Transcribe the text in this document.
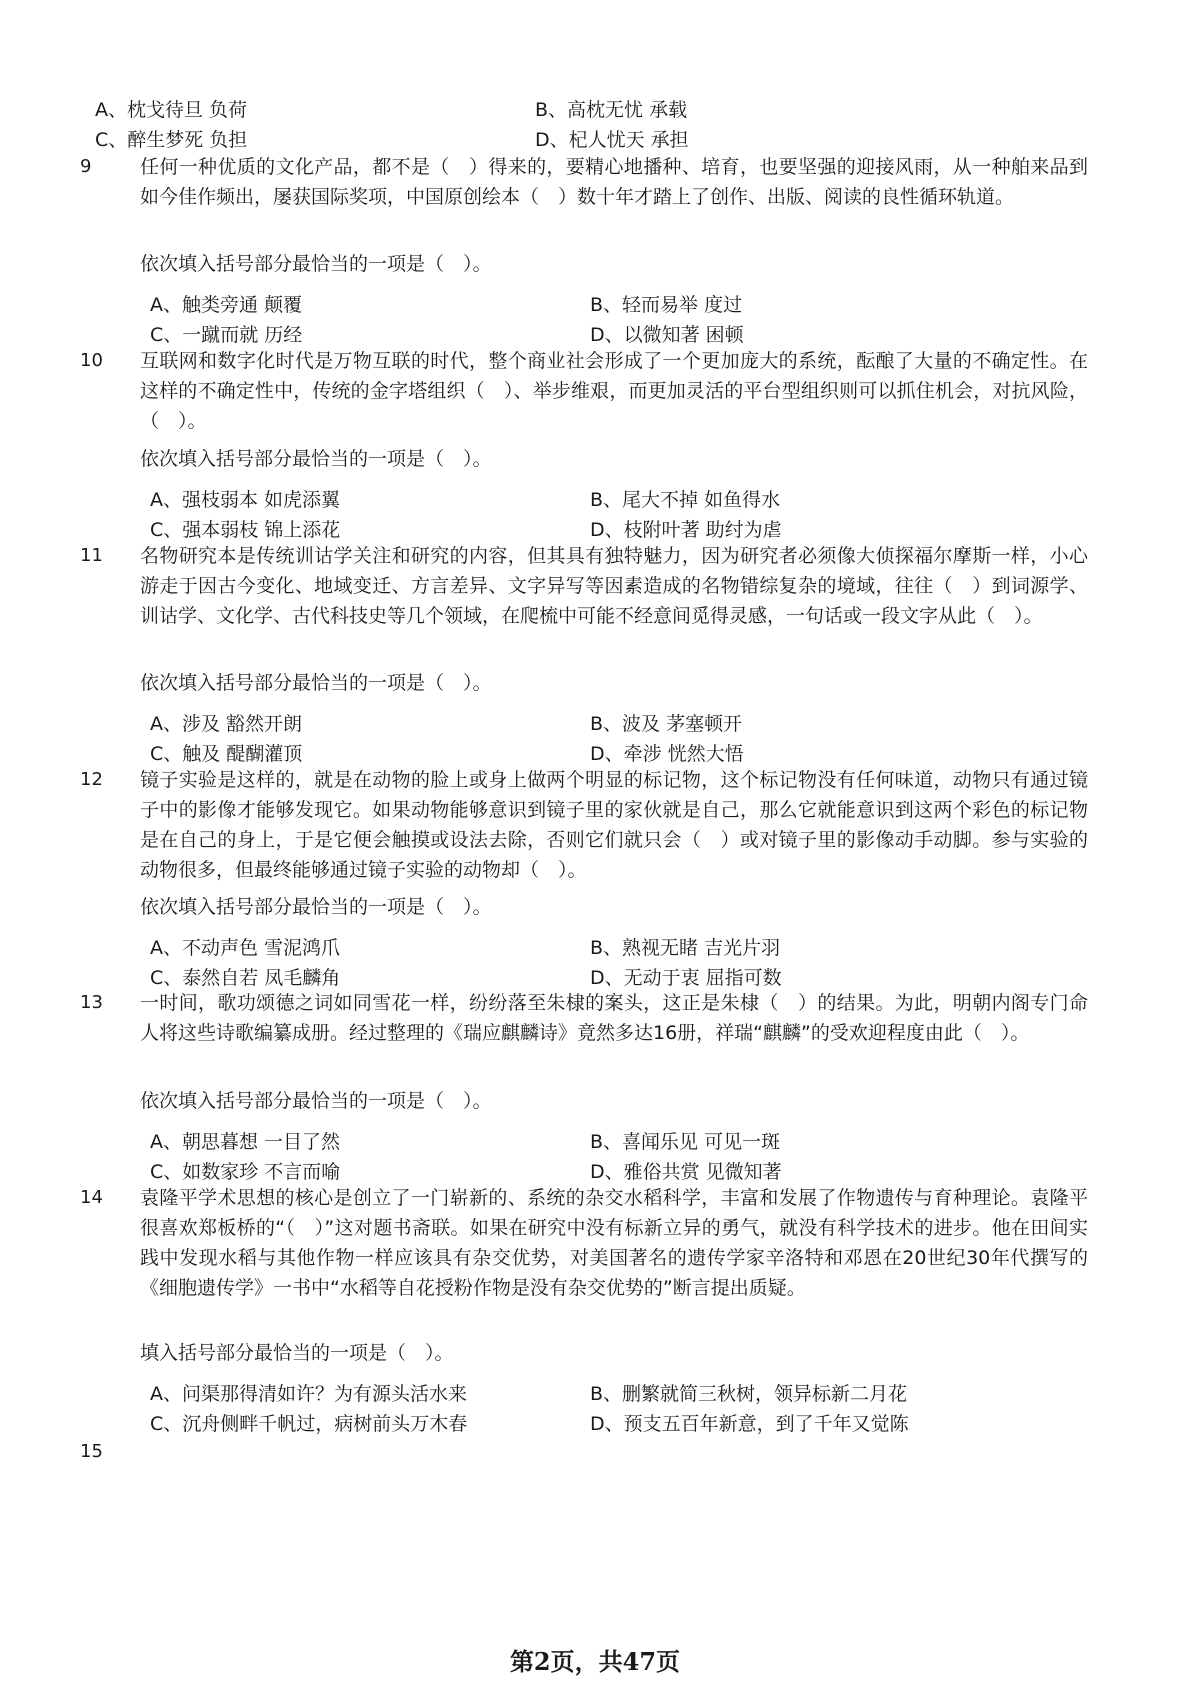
A、枕戈待旦 负荷	B、高枕无忧 承载
C、醉生梦死 负担	D、杞人忧天 承担
9	任何一种优质的文化产品，都不是（　）得来的，要精心地播种、培育，也要坚强的迎接风雨，从一种舶来品到如今佳作频出，屡获国际奖项，中国原创绘本（　）数十年才踏上了创作、出版、阅读的良性循环轨道。
依次填入括号部分最恰当的一项是（　）。
A、触类旁通 颠覆	B、轻而易举 度过
C、一蹴而就 历经	D、以微知著 困顿
10 互联网和数字化时代是万物互联的时代，整个商业社会形成了一个更加庞大的系统，酝酿了大量的不确定性。在这样的不确定性中，传统的金字塔组织（　）、举步维艰，而更加灵活的平台型组织则可以抓住机会，对抗风险，（　）。
依次填入括号部分最恰当的一项是（　）。
A、强枝弱本 如虎添翼	B、尾大不掉 如鱼得水
C、强本弱枝 锦上添花	D、枝附叶著 助纣为虐
11 名物研究本是传统训诂学关注和研究的内容，但其具有独特魅力，因为研究者必须像大侦探福尔摩斯一样，小心游走于因古今变化、地域变迁、方言差异、文字异写等因素造成的名物错综复杂的境域，往往（　）到词源学、训诂学、文化学、古代科技史等几个领域，在爬梳中可能不经意间觅得灵感，一句话或一段文字从此（　）。
依次填入括号部分最恰当的一项是（　）。
A、涉及 豁然开朗	B、波及 茅塞顿开
C、触及 醍醐灌顶	D、牵涉 恍然大悟
12 镜子实验是这样的，就是在动物的脸上或身上做两个明显的标记物，这个标记物没有任何味道，动物只有通过镜子中的影像才能够发现它。如果动物能够意识到镜子里的家伙就是自己，那么它就能意识到这两个彩色的标记物是在自己的身上，于是它便会触摸或设法去除，否则它们就只会（　）或对镜子里的影像动手动脚。参与实验的动物很多，但最终能够通过镜子实验的动物却（　）。
依次填入括号部分最恰当的一项是（　）。
A、不动声色 雪泥鸿爪	B、熟视无睹 吉光片羽
C、泰然自若 凤毛麟角	D、无动于衷 屈指可数
13 一时间，歌功颂德之词如同雪花一样，纷纷落至朱棣的案头，这正是朱棣（　）的结果。为此，明朝内阁专门命人将这些诗歌编纂成册。经过整理的《瑞应麒麟诗》竟然多达16册，祥瑞“麒麟”的受欢迎程度由此（　）。
依次填入括号部分最恰当的一项是（　）。
A、朝思暮想 一目了然	B、喜闻乐见 可见一斑
C、如数家珍 不言而喻	D、雅俗共赏 见微知著
14 袁隆平学术思想的核心是创立了一门崭新的、系统的杂交水稻科学，丰富和发展了作物遗传与育种理论。袁隆平很喜欢郑板桥的“（　）”这对题书斋联。如果在研究中没有标新立异的勇气，就没有科学技术的进步。他在田间实践中发现水稻与其他作物一样应该具有杂交优势，对美国著名的遗传学家辛洛特和邓恩在20世纪30年代撰写的《细胞遗传学》一书中“水稻等自花授粉作物是没有杂交优势的”断言提出质疑。
填入括号部分最恰当的一项是（　）。
A、问渠那得清如许？为有源头活水来	B、删繁就简三秋树，领异标新二月花
C、沉舟侧畔千帆过，病树前头万木春	D、预支五百年新意，到了千年又觉陈
15
第2页，共47页
